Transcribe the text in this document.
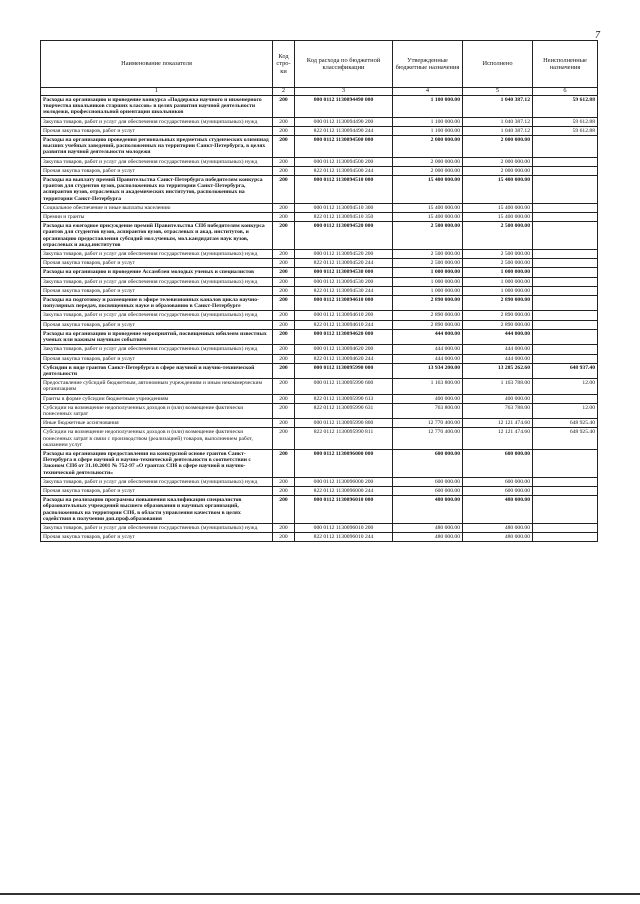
7
Наименование показателя	Код стро-ки	Код расхода по бюджетной классификации	Утвержденные бюджетные назначения	Исполнено	Неисполненные назначения
1	2	3	4	5	6
Расходы на организацию и проведение конкурса «Поддержка научного и инженерного творчества школьников старших классов» в целях развития научной деятельности молодежи, профессиональной ориентации школьников	200	000 0112 1130094490 000	1 100 000.00	1 040 387.12	59 612.88
Закупка товаров, работ и услуг для обеспечения государственных (муниципальных) нужд	200	000 0112 1130094490 200	1 100 000.00	1 040 387.12	59 612.88
Прочая закупка товаров, работ и услуг	200	822 0112 1130094490 244	1 100 000.00	1 040 387.12	59 612.88
Расходы на организацию проведения региональных предметных студенческих олимпиад высших учебных заведений, расположенных на территории Санкт-Петербурга, в целях развития научной деятельности молодежи	200	000 0112 1130094500 000	2 000 000.00	2 000 000.00	
Закупка товаров, работ и услуг для обеспечения государственных (муниципальных) нужд	200	000 0112 1130094500 200	2 000 000.00	2 000 000.00	
Прочая закупка товаров, работ и услуг	200	822 0112 1130094500 244	2 000 000.00	2 000 000.00	
Расходы на выплату премий Правительства Санкт-Петербурга победителям конкурса грантов для студентов вузов, расположенных на территории Санкт-Петербурга, аспирантов вузов, отраслевых и академических институтов, расположенных на территории Санкт-Петербурга	200	000 0112 1130094510 000	15 400 000.00	15 400 000.00	
Социальное обеспечение и иные выплаты населению	200	000 0112 1130094510 300	15 400 000.00	15 400 000.00	
Премии и гранты	200	822 0112 1130094510 350	15 400 000.00	15 400 000.00	
Расходы на ежегодное присуждение премий Правительства СПб победителям конкурса грантов для студентов вузов, аспирантов вузов, отраслевых и акад. институтов, и организацию предоставления субсидий мол.ученым, мол.кандидатам наук вузов, отраслевых и акад.институтов	200	000 0112 1130094520 000	2 500 000.00	2 500 000.00	
Закупка товаров, работ и услуг для обеспечения государственных (муниципальных) нужд	200	000 0112 1130094520 200	2 500 000.00	2 500 000.00	
Прочая закупка товаров, работ и услуг	200	822 0112 1130094520 244	2 500 000.00	2 500 000.00	
Расходы на организацию и проведение Ассамблеи молодых ученых и специалистов	200	000 0112 1130094530 000	1 000 000.00	1 000 000.00	
Закупка товаров, работ и услуг для обеспечения государственных (муниципальных) нужд	200	000 0112 1130094530 200	1 000 000.00	1 000 000.00	
Прочая закупка товаров, работ и услуг	200	822 0112 1130094530 244	1 000 000.00	1 000 000.00	
Расходы на подготовку и размещение в эфире телевизионных каналов цикла научно-популярных передач, посвященных науке и образованию в Санкт-Петербурге	200	000 0112 1130094610 000	2 890 000.00	2 890 000.00	
Закупка товаров, работ и услуг для обеспечения государственных (муниципальных) нужд	200	000 0112 1130094610 200	2 890 000.00	2 890 000.00	
Прочая закупка товаров, работ и услуг	200	822 0112 1130094610 244	2 890 000.00	2 890 000.00	
Расходы на организацию и проведение мероприятий, посвященных юбилеям известных ученых или важным научным событиям	200	000 0112 1130094620 000	444 000.00	444 000.00	
Закупка товаров, работ и услуг для обеспечения государственных (муниципальных) нужд	200	000 0112 1130094620 200	444 000.00	444 000.00	
Прочая закупка товаров, работ и услуг	200	822 0112 1130094620 244	444 000.00	444 000.00	
Субсидии в виде грантов Санкт-Петербурга в сфере научной и научно-технической деятельности	200	000 0112 1130095990 000	13 934 200.00	13 285 262.60	648 937.40
Предоставление субсидий бюджетным, автономным учреждениям и иным некоммерческим организациям	200	000 0112 1130095990 600	1 163 800.00	1 163 788.00	12.00
Гранты в форме субсидии бюджетным учреждениям	200	822 0112 1130095990 613	400 000.00	400 000.00	
Субсидии на возмещение недополученных доходов и (или) возмещение фактически понесенных затрат	200	822 0112 1130095990 631	763 800.00	763 788.00	12.00
Иные бюджетные ассигнования	200	000 0112 1130095990 800	12 770 400.00	12 121 474.60	648 925.40
Субсидии на возмещение недополученных доходов и (или) возмещение фактически понесенных затрат в связи с производством (реализацией) товаров, выполнением работ, оказанием услуг	200	822 0112 1130095990 811	12 770 400.00	12 121 474.60	648 925.40
Расходы на организацию предоставления на конкурсной основе грантов Санкт-Петербурга в сфере научной и научно-технической деятельности в соответствии с Законом СПб от 31.10.2001 № 752-97 «О грантах СПб в сфере научной и научно-технической деятельности»	200	000 0112 1130096000 000	600 000.00	600 000.00	
Закупка товаров, работ и услуг для обеспечения государственных (муниципальных) нужд	200	000 0112 1130096000 200	600 000.00	600 000.00	
Прочая закупка товаров, работ и услуг	200	822 0112 1130096000 244	600 000.00	600 000.00	
Расходы на реализацию программы повышения квалификации специалистов образовательных учреждений высшего образования и научных организаций, расположенных на территории СПб, в области управления качеством в целях содействия в получении доп.проф.образования	200	000 0112 1130096010 000	480 000.00	480 000.00	
Закупка товаров, работ и услуг для обеспечения государственных (муниципальных) нужд	200	000 0112 1130096010 200	480 000.00	480 000.00	
Прочая закупка товаров, работ и услуг	200	822 0112 1130096010 244	480 000.00	480 000.00	
